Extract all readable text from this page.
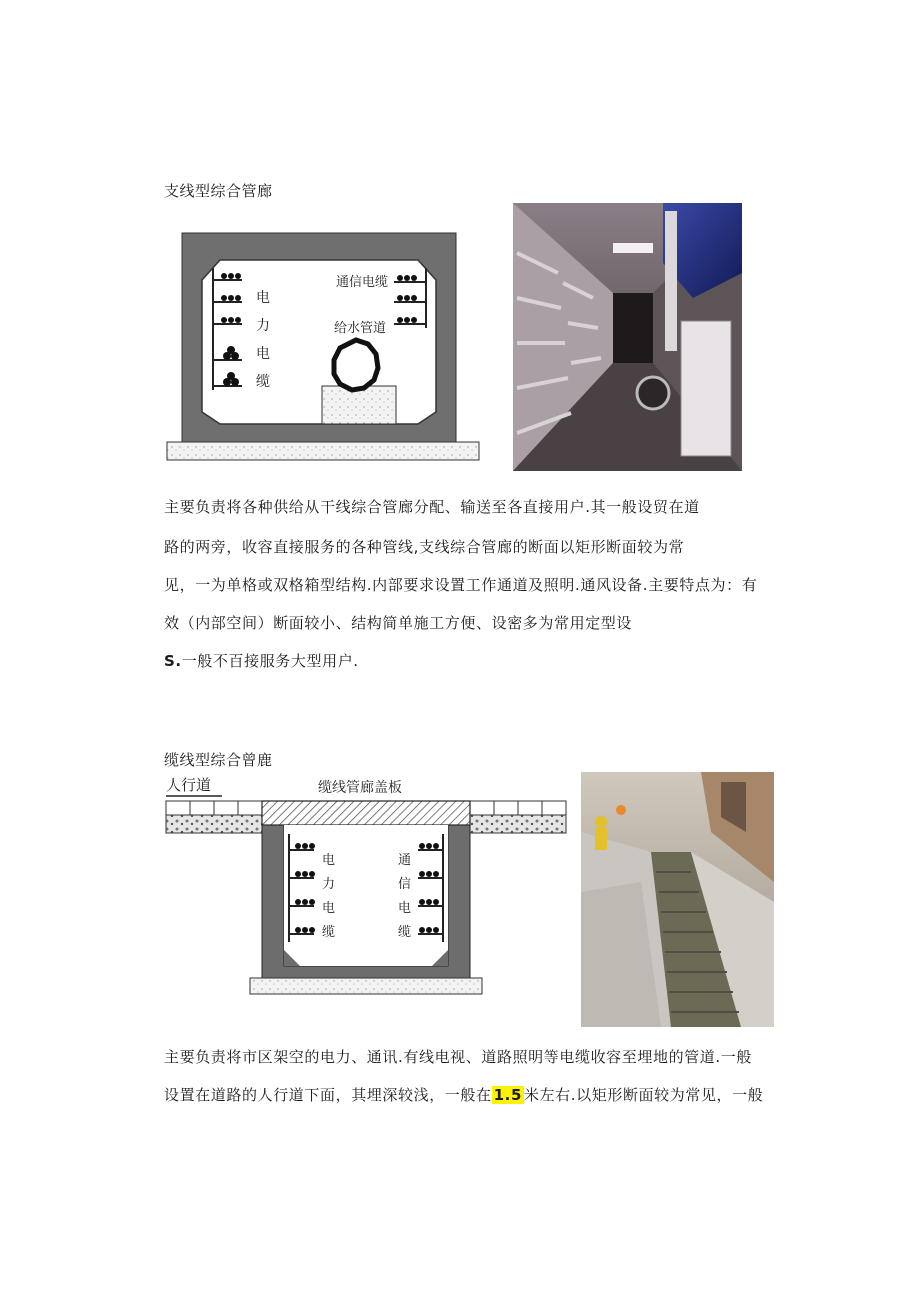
支线型综合管廊
通信电缆
给水管道
电
力
电
缆
主要负责将各种供给从干线综合管廊分配、输送至各直接用户.其一般设贸在道
路的两旁，收容直接服务的各种管线,支线综合管廊的断面以矩形断面较为常
见，一为单格或双格箱型结构.内部要求设置工作通道及照明.通风设备.主要特点为：有
效（内部空间）断面较小、结构简单施工方便、设密多为常用定型设
S.一般不百接服务大型用户.
缆线型综合曾鹿
人行道	缆线管廊盖板
电
力
电
缆
通
信
电
缆
主要负责将市区架空的电力、通讯.有线电视、道路照明等电缆收容至埋地的管道.一般
设置在道路的人行道下面，其埋深较浅，一般在 1.5 米左右.以矩形断面较为常见，一般
